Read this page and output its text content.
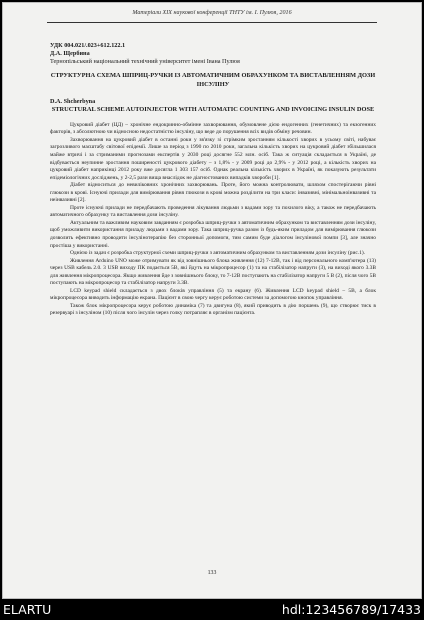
Матеріали XIX наукової конференції ТНТУ ім. І. Пулюя, 2016
УДК 004.021/.023+612.122.1
Д.А. Щербина
Тернопільський національний технічний університет імені Івана Пулюя
СТРУКТУРНА СХЕМА ШПРИЦ-РУЧКИ ІЗ АВТОМАТИЧНИМ ОБРАХУНКОМ ТА ВИСТАВЛЕННЯМ ДОЗИ ІНСУЛІНУ
D.A. Shcherbyna
STRUCTURAL SCHEME AUTOINJECTOR WITH AUTOMATIC COUNTING AND INVOICING INSULIN DOSE

Цукровий діабет (ЦД) – хронічне ендокринно-обмінне захворювання, обумовлене дією ендогенних (генетичних) та екзогенних факторів, з абсолютною чи відносною недостатністю інсуліну, що веде до порушення всіх видів обміну речовин.

Захворювання на цукровий діабет в останні роки у зв'язку зі стрімким зростанням кількості хворих в усьому світі, набуває загрозливого масштабу світової епідемії. Лише за період з 1990 по 2010 роки, загальна кількість хворих на цукровий діабет збільшилася майже втричі і за стриманими прогнозами експертів у 2030 році досягне 552 млн. осіб. Така ж ситуація складається в Україні, де відбувається неупинне зростання поширеності цукрового діабету – з 1,8% - у 2009 році до 2,9% - у 2012 році, а кількість хворих на цукровий діабет наприкінці 2012 року вже досягла 1 303 157 осіб. Однак реальна кількість хворих в Україні, як показують результати епідеміологічних досліджень, у 2-2,5 рази вища внаслідок не діагностованих випадків хвороби [1].

Діабет відноситься до невиліковних хронічних захворювань. Проте, його можна контролювати, шляхом спостерігаючи рівні глюкози в крові. Існуючі прилади для вимірювання рівня глюкози в крові можна розділити на три класи: інвазивні, мінімальноінвазивні та неінвазивні [2].

Проте існуючі прилади не передбачають проведення лікування людьми з вадами зору та похилого віку, а також не передбачають автоматичного обрахунку та виставлення дози інсуліну.

Актуальним та важливим науковим завданням є розробка шприц-ручки з автоматичним обрахунком та виставленням дози інсуліну, щоб уможливити використання приладу людьми з вадами зору. Така шприц-ручка разом із будь-яким приладом для вимірювання глюкози дозволить ефективно проводити інсулінотерапію без сторонньої допомоги, тим самим буде діалогом інсулінової помпи [3], але значно простіша у використанні.

Однією із задач є розробка структурної схеми шприц-ручки з автоматичним обрахунком та виставленням дози інсуліну (рис.1).

Живлення Arduino UNO може отримувати як від зовнішнього блока живлення (12) 7-12В, так і від персонального комп'ютера (13) через USB кабель 2.0. 3 USB виходу ПК подається 5В, які йдуть на мікропроцесор (1) та на стабілізатор напруги (3), на виході якого 3.3В для живлення мікропроцесора. Якщо живлення йде з зовнішнього блоку, то 7-12В поступають на стабілізатор напруги 5 В (2), після чого 5В поступають на мікропроцесор та стабілізатор напруги 3.3В.

LCD keypad shield складається з двох блоків управління (5) та екрану (6). Живлення LCD keypad shield – 5В, а блок мікропроцесора виводить інформацію екрана. Пацієнт в свою чергу керує роботою системи за допомогою кнопок управління.

Також блок мікропроцесора керує роботою динаміка (7) та двигуна (8), який приводить в дію поршень (9), що створює тиск в резервуарі з інсуліном (10) після чого інсулін через голку потрапляє в організм пацієнта.

133
ELARTU	hdl:123456789/17433
